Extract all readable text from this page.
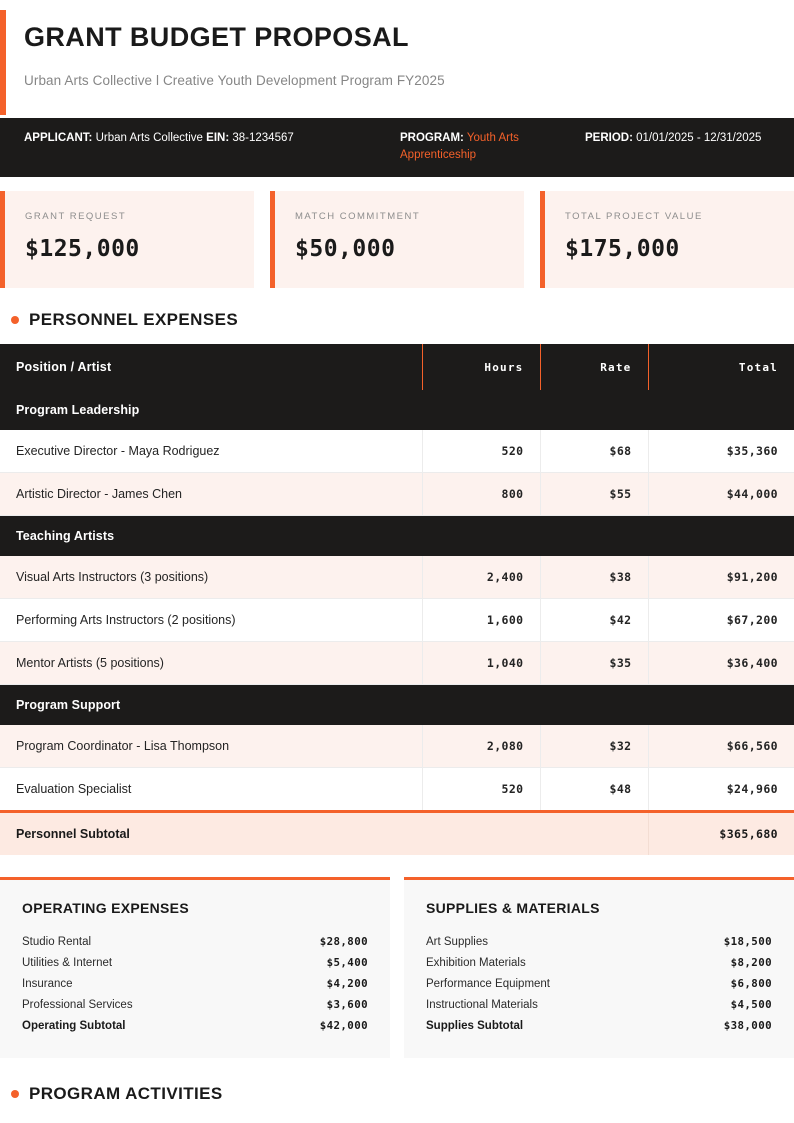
GRANT BUDGET PROPOSAL
Urban Arts Collective l Creative Youth Development Program FY2025
APPLICANT: Urban Arts Collective EIN: 38-1234567	PROGRAM: Youth Arts Apprenticeship
PERIOD: 01/01/2025 - 12/31/2025
GRANT REQUEST
$125,000
MATCH COMMITMENT
$50,000
TOTAL PROJECT VALUE
$175,000
PERSONNEL EXPENSES
Position / Artist	Hours	Rate	Total
Program Leadership			
Executive Director - Maya Rodriguez	520	$68	$35,360
Artistic Director - James Chen	800	$55	$44,000
Teaching Artists			
Visual Arts Instructors (3 positions)	2,400	$38	$91,200
Performing Arts Instructors (2 positions)	1,600	$42	$67,200
Mentor Artists (5 positions)	1,040	$35	$36,400
Program Support			
Program Coordinator - Lisa Thompson	2,080	$32	$66,560
Evaluation Specialist	520	$48	$24,960
Personnel Subtotal			$365,680
OPERATING EXPENSES
Studio Rental	$28,800
Utilities & Internet	$5,400
Insurance	$4,200
Professional Services	$3,600
Operating Subtotal	$42,000
SUPPLIES & MATERIALS
Art Supplies	$18,500
Exhibition Materials	$8,200
Performance Equipment	$6,800
Instructional Materials	$4,500
Supplies Subtotal	$38,000
PROGRAM ACTIVITIES
